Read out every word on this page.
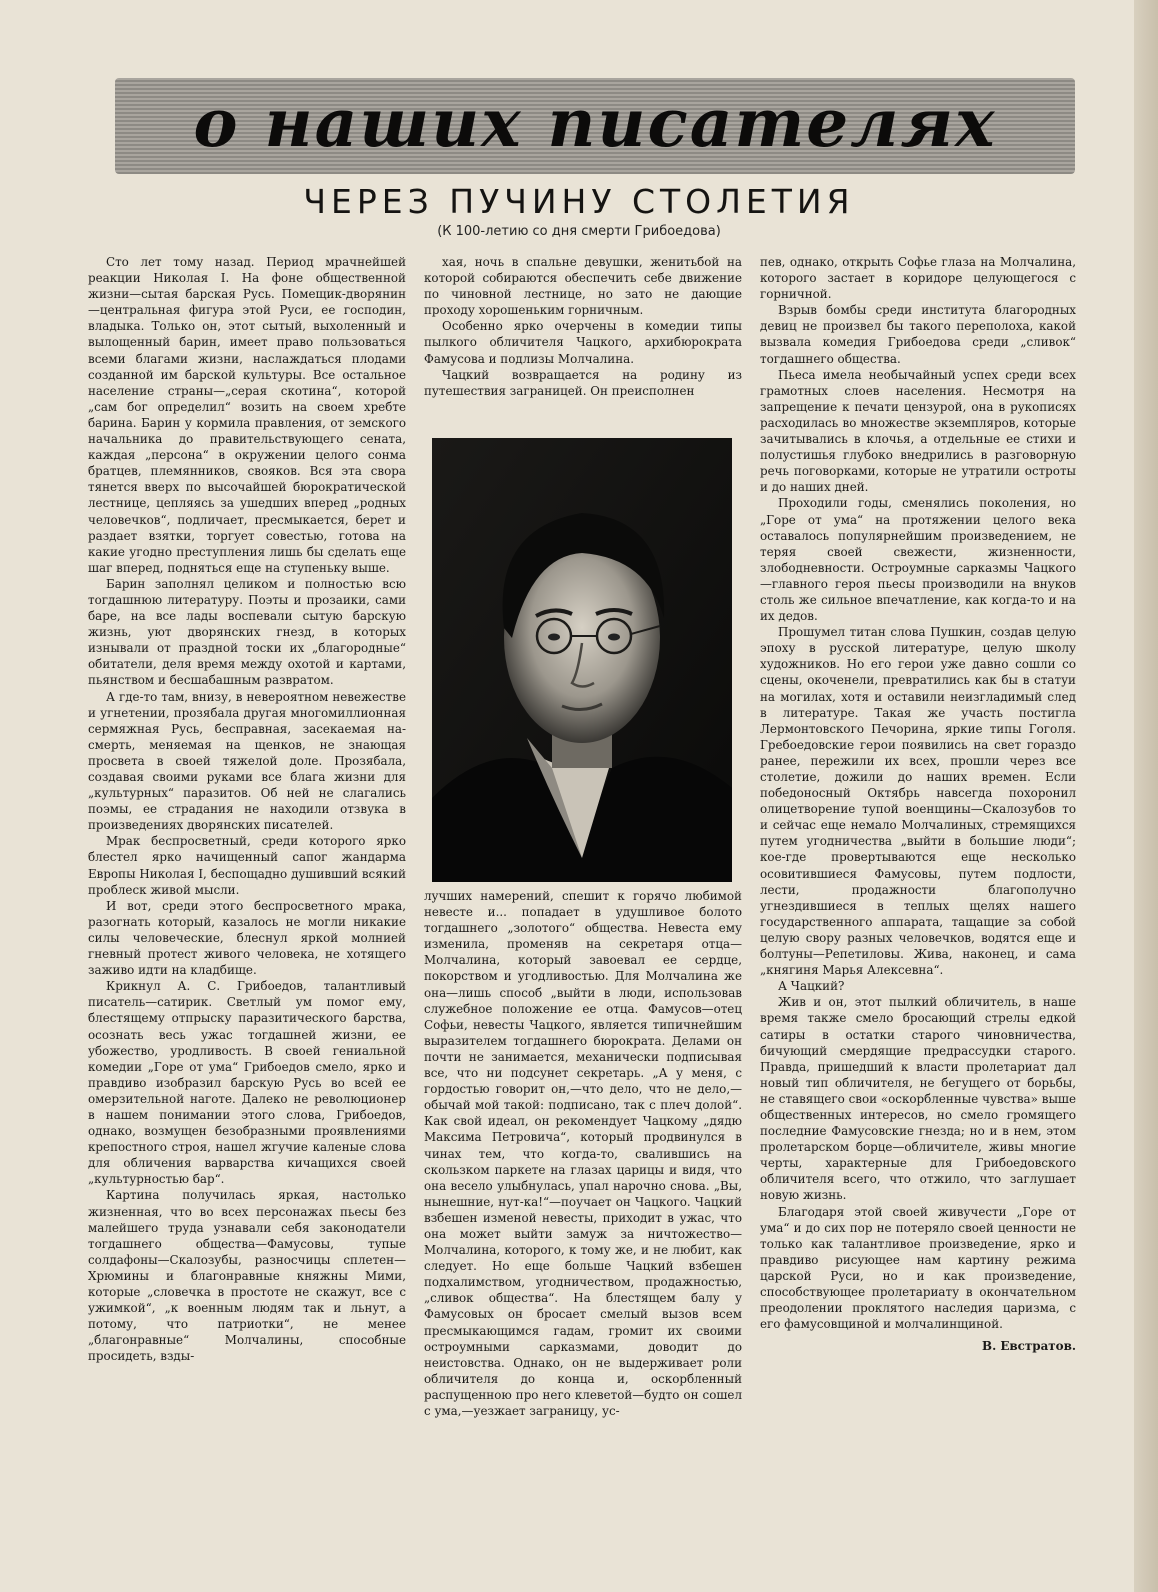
о наших писателях
ЧЕРЕЗ ПУЧИНУ СТОЛЕТИЯ
(К 100-летию со дня смерти Грибоедова)

Сто лет тому назад. Период мрачнейшей реакции Николая I. На фоне общественной жизни—сытая барская Русь. Помещик-дворянин—центральная фигура этой Руси, ее господин, владыка. Только он, этот сытый, выхоленный и вылощенный барин, имеет право пользоваться всеми благами жизни, наслаждаться плодами созданной им барской культуры. Все остальное население страны—„серая скотина“, которой „сам бог определил“ возить на своем хребте барина. Барин у кормила правления, от земского начальника до правительствующего сената, каждая „персона“ в окружении целого сонма братцев, племянников, свояков. Вся эта свора тянется вверх по высочайшей бюрократической лестнице, цепляясь за ушедших вперед „родных человечков“, подличает, пресмыкается, берет и раздает взятки, торгует совестью, готова на какие угодно преступления лишь бы сделать еще шаг вперед, подняться еще на ступеньку выше.

Барин заполнял целиком и полностью всю тогдашнюю литературу. Поэты и прозаики, сами баре, на все лады воспевали сытую барскую жизнь, уют дворянских гнезд, в которых изнывали от праздной тоски их „благородные“ обитатели, деля время между охотой и картами, пьянством и бесшабашным развратом.

А где-то там, внизу, в невероятном невежестве и угнетении, прозябала другая многомиллионная сермяжная Русь, бесправная, засекаемая на-смерть, меняемая на щенков, не знающая просвета в своей тяжелой доле. Прозябала, создавая своими руками все блага жизни для „культурных“ паразитов. Об ней не слагались поэмы, ее страдания не находили отзвука в произведениях дворянских писателей.

Мрак беспросветный, среди которого ярко блестел ярко начищенный сапог жандарма Европы Николая I, беспощадно душивший всякий проблеск живой мысли.

И вот, среди этого беспросветного мрака, разогнать который, казалось не могли никакие силы человеческие, блеснул яркой молнией гневный протест живого человека, не хотящего заживо идти на кладбище.

Крикнул А. С. Грибоедов, талантливый писатель—сатирик. Светлый ум помог ему, блестящему отпрыску паразитического барства, осознать весь ужас тогдашней жизни, ее убожество, уродливость. В своей гениальной комедии „Горе от ума“ Грибоедов смело, ярко и правдиво изобразил барскую Русь во всей ее омерзительной наготе. Далеко не революционер в нашем понимании этого слова, Грибоедов, однако, возмущен безобразными проявлениями крепостного строя, нашел жгучие каленые слова для обличения варварства кичащихся своей „культурностью бар“.

Картина получилась яркая, настолько жизненная, что во всех персонажах пьесы без малейшего труда узнавали себя законодатели тогдашнего общества—Фамусовы, тупые солдафоны—Скалозубы, разносчицы сплетен—Хрюмины и благонравные княжны Мими, которые „словечка в простоте не скажут, все с ужимкой“, „к военным людям так и льнут, а потому, что патриотки“, не менее „благонравные“ Молчалины, способные просидеть, взды-

хая, ночь в спальне девушки, женитьбой на которой собираются обеспечить себе движение по чиновной лестнице, но зато не дающие проходу хорошеньким горничным.

Особенно ярко очерчены в комедии типы пылкого обличителя Чацкого, архибюрократа Фамусова и подлизы Молчалина.

Чацкий возвращается на родину из путешествия заграницей. Он преисполнен

лучших намерений, спешит к горячо любимой невесте и... попадает в удушливое болото тогдашнего „золотого“ общества. Невеста ему изменила, променяв на секретаря отца—Молчалина, который завоевал ее сердце, покорством и угодливостью. Для Молчалина же она—лишь способ „выйти в люди, использовав служебное положение ее отца. Фамусов—отец Софьи, невесты Чацкого, является типичнейшим выразителем тогдашнего бюрократа. Делами он почти не занимается, механически подписывая все, что ни подсунет секретарь. „А у меня, с гордостью говорит он,—что дело, что не дело,—обычай мой такой: подписано, так с плеч долой“. Как свой идеал, он рекомендует Чацкому „дядю Максима Петровича“, который продвинулся в чинах тем, что когда-то, свалившись на скользком паркете на глазах царицы и видя, что она весело улыбнулась, упал нарочно снова. „Вы, нынешние, нут-ка!“—поучает он Чацкого. Чацкий взбешен изменой невесты, приходит в ужас, что она может выйти замуж за ничтожество—Молчалина, которого, к тому же, и не любит, как следует. Но еще больше Чацкий взбешен подхалимством, угодничеством, продажностью, „сливок общества“. На блестящем балу у Фамусовых он бросает смелый вызов всем пресмыкающимся гадам, громит их своими остроумными сарказмами, доводит до неистовства. Однако, он не выдерживает роли обличителя до конца и, оскорбленный распущенною про него клеветой—будто он сошел с ума,—уезжает заграницу, ус-

пев, однако, открыть Софье глаза на Молчалина, которого застает в коридоре целующегося с горничной.

Взрыв бомбы среди института благородных девиц не произвел бы такого переполоха, какой вызвала комедия Грибоедова среди „сливок“ тогдашнего общества.

Пьеса имела необычайный успех среди всех грамотных слоев населения. Несмотря на запрещение к печати цензурой, она в рукописях расходилась во множестве экземпляров, которые зачитывались в клочья, а отдельные ее стихи и полустишья глубоко внедрились в разговорную речь поговорками, которые не утратили остроты и до наших дней.

Проходили годы, сменялись поколения, но „Горе от ума“ на протяжении целого века оставалось популярнейшим произведением, не теряя своей свежести, жизненности, злободневности. Остроумные сарказмы Чацкого—главного героя пьесы производили на внуков столь же сильное впечатление, как когда-то и на их дедов.

Прошумел титан слова Пушкин, создав целую эпоху в русской литературе, целую школу художников. Но его герои уже давно сошли со сцены, окоченели, превратились как бы в статуи на могилах, хотя и оставили неизгладимый след в литературе. Такая же участь постигла Лермонтовского Печорина, яркие типы Гоголя. Гребоедовские герои появились на свет гораздо ранее, пережили их всех, прошли через все столетие, дожили до наших времен. Если победоносный Октябрь навсегда похоронил олицетворение тупой военщины—Скалозубов то и сейчас еще немало Молчалиных, стремящихся путем угодничества „выйти в большие люди“; кое-где провертываются еще несколько осовитившиеся Фамусовы, путем подлости, лести, продажности благополучно угнездившиеся в теплых щелях нашего государственного аппарата, тащащие за собой целую свору разных человечков, водятся еще и болтуны—Репетиловы. Жива, наконец, и сама „княгиня Марья Алексевна“.

А Чацкий?

Жив и он, этот пылкий обличитель, в наше время также смело бросающий стрелы едкой сатиры в остатки старого чиновничества, бичующий смердящие предрассудки старого. Правда, пришедший к власти пролетариат дал новый тип обличителя, не бегущего от борьбы, не ставящего свои «оскорбленные чувства» выше общественных интересов, но смело громящего последние Фамусовские гнезда; но и в нем, этом пролетарском борце—обличителе, живы многие черты, характерные для Грибоедовского обличителя всего, что отжило, что заглушает новую жизнь.

Благодаря этой своей живучести „Горе от ума“ и до сих пор не потеряло своей ценности не только как талантливое произведение, ярко и правдиво рисующее нам картину режима царской Руси, но и как произведение, способствующее пролетариату в окончательном преодолении проклятого наследия царизма, с его фамусовщиной и молчалинщиной.

В. Евстратов.
